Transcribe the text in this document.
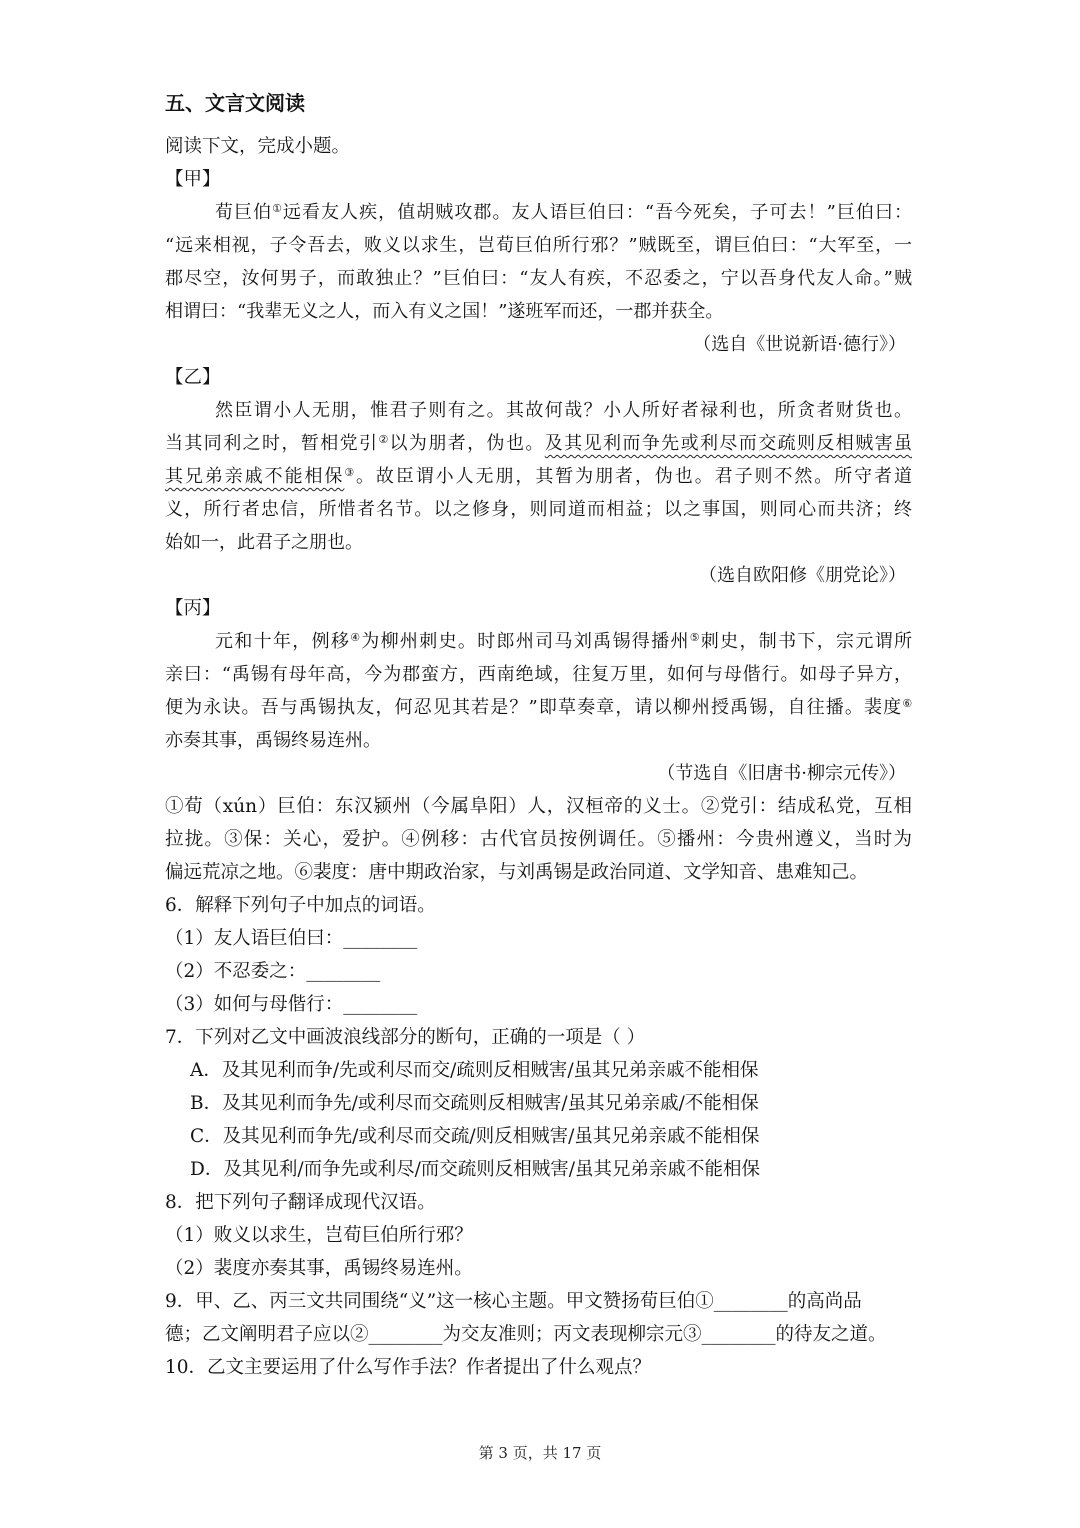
五、文言文阅读
阅读下文，完成小题。
【甲】
荀巨伯①远看友人疾，值胡贼攻郡。友人语巨伯曰：“吾今死矣，子可去！”巨伯曰：
“远来相视，子令吾去，败义以求生，岂荀巨伯所行邪？”贼既至，谓巨伯曰：“大军至，一
郡尽空，汝何男子，而敢独止？”巨伯曰：“友人有疾，不忍委之，宁以吾身代友人命。”贼
相谓曰：“我辈无义之人，而入有义之国！”遂班军而还，一郡并获全。
（选自《世说新语·德行》）
【乙】
然臣谓小人无朋，惟君子则有之。其故何哉？小人所好者禄利也，所贪者财货也。
当其同利之时，暂相党引②以为朋者，伪也。及其见利而争先或利尽而交疏则反相贼害虽
其兄弟亲戚不能相保③。故臣谓小人无朋，其暂为朋者，伪也。君子则不然。所守者道
义，所行者忠信，所惜者名节。以之修身，则同道而相益；以之事国，则同心而共济；终
始如一，此君子之朋也。
（选自欧阳修《朋党论》）
【丙】
元和十年，例移④为柳州刺史。时郎州司马刘禹锡得播州⑤刺史，制书下，宗元谓所
亲曰：“禹锡有母年高，今为郡蛮方，西南绝域，往复万里，如何与母偕行。如母子异方，
便为永诀。吾与禹锡执友，何忍见其若是？”即草奏章，请以柳州授禹锡，自往播。裴度⑥
亦奏其事，禹锡终易连州。
（节选自《旧唐书·柳宗元传》）
①荀（xún）巨伯：东汉颍州（今属阜阳）人，汉桓帝的义士。②党引：结成私党，互相
拉拢。③保：关心，爱护。④例移：古代官员按例调任。⑤播州：今贵州遵义，当时为
偏远荒凉之地。⑥裴度：唐中期政治家，与刘禹锡是政治同道、文学知音、患难知己。
6．解释下列句子中加点的词语。
（1）友人语巨伯曰：________
（2）不忍委之：________
（3）如何与母偕行：________
7．下列对乙文中画波浪线部分的断句，正确的一项是（ ）
A．及其见利而争/先或利尽而交/疏则反相贼害/虽其兄弟亲戚不能相保
B．及其见利而争先/或利尽而交疏则反相贼害/虽其兄弟亲戚/不能相保
C．及其见利而争先/或利尽而交疏/则反相贼害/虽其兄弟亲戚不能相保
D．及其见利/而争先或利尽/而交疏则反相贼害/虽其兄弟亲戚不能相保
8．把下列句子翻译成现代汉语。
（1）败义以求生，岂荀巨伯所行邪？
（2）裴度亦奏其事，禹锡终易连州。
9．甲、乙、丙三文共同围绕“义”这一核心主题。甲文赞扬荀巨伯①________的高尚品
德；乙文阐明君子应以②________为交友准则；丙文表现柳宗元③________的待友之道。
10．乙文主要运用了什么写作手法？作者提出了什么观点？
第 3 页，共 17 页
